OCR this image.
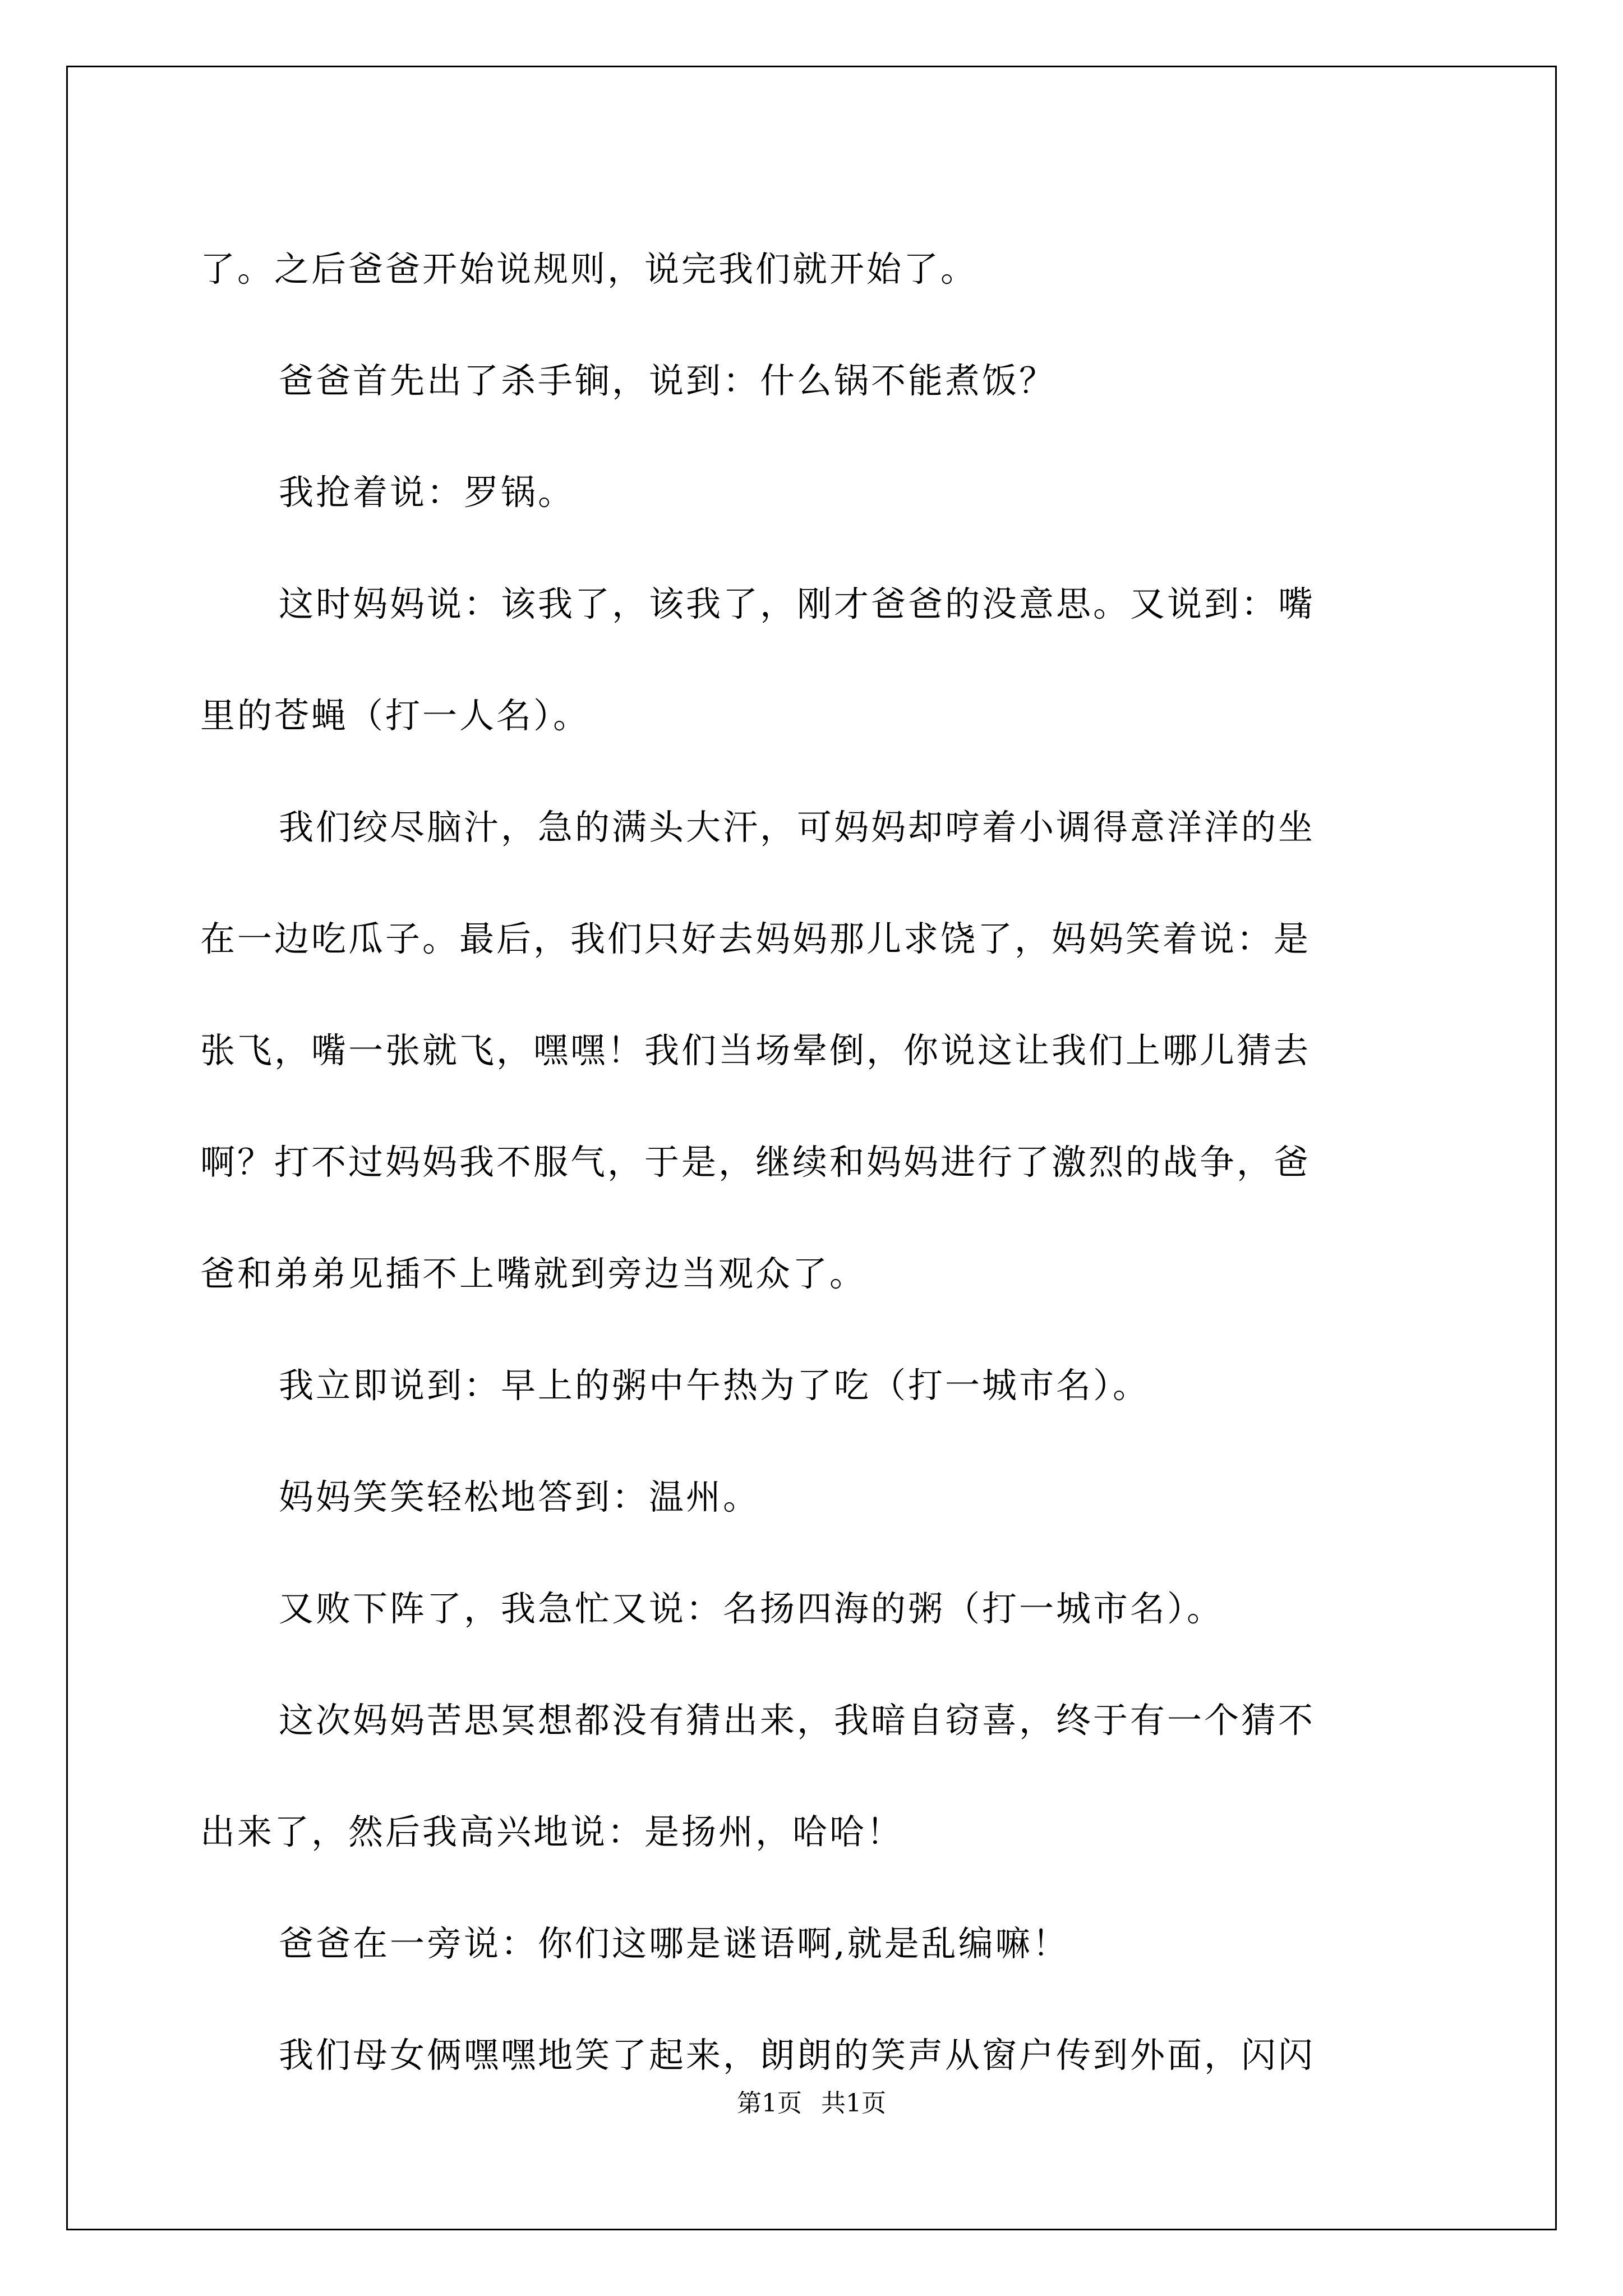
了。之后爸爸开始说规则，说完我们就开始了。
爸爸首先出了杀手锏，说到：什么锅不能煮饭？
我抢着说：罗锅。
这时妈妈说：该我了，该我了，刚才爸爸的没意思。又说到：嘴
里的苍蝇（打一人名）。
我们绞尽脑汁，急的满头大汗，可妈妈却哼着小调得意洋洋的坐
在一边吃瓜子。最后，我们只好去妈妈那儿求饶了，妈妈笑着说：是
张飞，嘴一张就飞，嘿嘿！我们当场晕倒，你说这让我们上哪儿猜去
啊？打不过妈妈我不服气，于是，继续和妈妈进行了激烈的战争，爸
爸和弟弟见插不上嘴就到旁边当观众了。
我立即说到：早上的粥中午热为了吃（打一城市名）。
妈妈笑笑轻松地答到：温州。
又败下阵了，我急忙又说：名扬四海的粥（打一城市名）。
这次妈妈苦思冥想都没有猜出来，我暗自窃喜，终于有一个猜不
出来了，然后我高兴地说：是扬州，哈哈！
爸爸在一旁说：你们这哪是谜语啊,就是乱编嘛！
我们母女俩嘿嘿地笑了起来，朗朗的笑声从窗户传到外面，闪闪
第1页 共1页
